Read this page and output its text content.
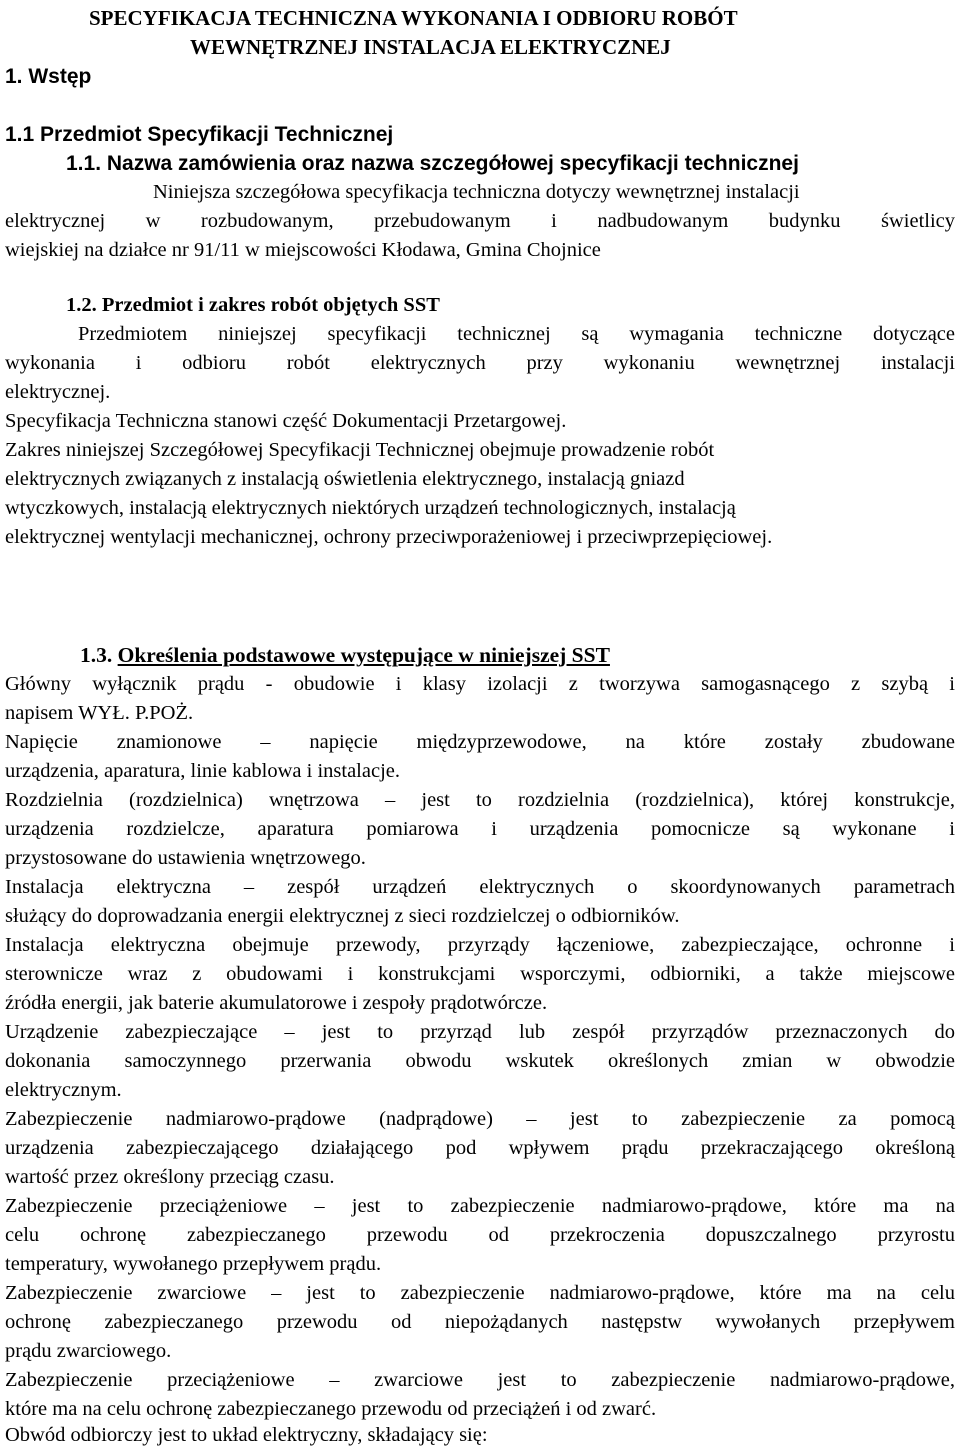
SPECYFIKACJA TECHNICZNA WYKONANIA I ODBIORU ROBÓT
WEWNĘTRZNEJ INSTALACJA ELEKTRYCZNEJ
1. Wstęp
1.1 Przedmiot Specyfikacji Technicznej
1.1. Nazwa zamówienia oraz nazwa szczegółowej specyfikacji technicznej
Niniejsza szczegółowa specyfikacja techniczna dotyczy wewnętrznej instalacji
elektrycznej w rozbudowanym, przebudowanym i nadbudowanym budynku świetlicy
wiejskiej na działce nr 91/11 w miejscowości Kłodawa, Gmina Chojnice
1.2. Przedmiot i zakres robót objętych SST
Przedmiotem niniejszej specyfikacji technicznej są wymagania techniczne dotyczące
wykonania i odbioru robót elektrycznych przy wykonaniu wewnętrznej instalacji
elektrycznej.
Specyfikacja Techniczna stanowi część Dokumentacji Przetargowej.
Zakres niniejszej Szczegółowej Specyfikacji Technicznej obejmuje prowadzenie robót
elektrycznych związanych z instalacją oświetlenia elektrycznego, instalacją gniazd
wtyczkowych, instalacją elektrycznych niektórych urządzeń technologicznych, instalacją
elektrycznej wentylacji mechanicznej, ochrony przeciwporażeniowej i przeciwprzepięciowej.
1.3. Określenia podstawowe występujące w niniejszej SST
Główny wyłącznik prądu - obudowie i klasy izolacji z tworzywa samogasnącego z szybą i
napisem WYŁ. P.POŻ.
Napięcie znamionowe – napięcie międzyprzewodowe, na które zostały zbudowane
urządzenia, aparatura, linie kablowa i instalacje.
Rozdzielnia (rozdzielnica) wnętrzowa – jest to rozdzielnia (rozdzielnica), której konstrukcje,
urządzenia rozdzielcze, aparatura pomiarowa i urządzenia pomocnicze są wykonane i
przystosowane do ustawienia wnętrzowego.
Instalacja elektryczna – zespół urządzeń elektrycznych o skoordynowanych parametrach
służący do doprowadzania energii elektrycznej z sieci rozdzielczej o odbiorników.
Instalacja elektryczna obejmuje przewody, przyrządy łączeniowe, zabezpieczające, ochronne i
sterownicze wraz z obudowami i konstrukcjami wsporczymi, odbiorniki, a także miejscowe
źródła energii, jak baterie akumulatorowe i zespoły prądotwórcze.
Urządzenie zabezpieczające – jest to przyrząd lub zespół przyrządów przeznaczonych do
dokonania samoczynnego przerwania obwodu wskutek określonych zmian w obwodzie
elektrycznym.
Zabezpieczenie nadmiarowo-prądowe (nadprądowe) – jest to zabezpieczenie za pomocą
urządzenia zabezpieczającego działającego pod wpływem prądu przekraczającego określoną
wartość przez określony przeciąg czasu.
Zabezpieczenie przeciążeniowe – jest to zabezpieczenie nadmiarowo-prądowe, które ma na
celu ochronę zabezpieczanego przewodu od przekroczenia dopuszczalnego przyrostu
temperatury, wywołanego przepływem prądu.
Zabezpieczenie zwarciowe – jest to zabezpieczenie nadmiarowo-prądowe, które ma na celu
ochronę zabezpieczanego przewodu od niepożądanych następstw wywołanych przepływem
prądu zwarciowego.
Zabezpieczenie przeciążeniowe – zwarciowe jest to zabezpieczenie nadmiarowo-prądowe,
które ma na celu ochronę zabezpieczanego przewodu od przeciążeń i od zwarć.
Obwód odbiorczy jest to układ elektryczny, składający się:
